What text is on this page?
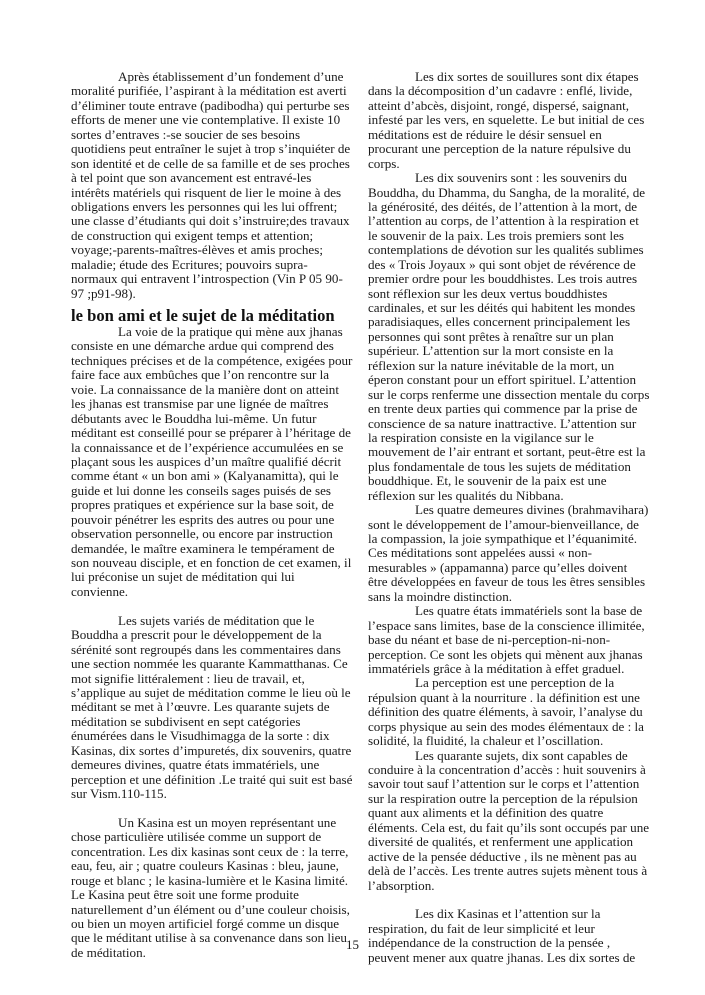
Après établissement d’un fondement d’une
moralité purifiée, l’aspirant à la méditation est averti
d’éliminer toute entrave (padibodha) qui perturbe ses
efforts de mener une vie contemplative. Il existe 10
sortes d’entraves :-se soucier de ses besoins
quotidiens peut entraîner le sujet à trop s’inquiéter de
son identité et de celle de sa famille et de ses proches
à tel point que son avancement est entravé-les
intérêts matériels qui risquent de lier le moine à des
obligations envers les personnes qui les lui offrent;
une classe d’étudiants qui doit s’instruire;des travaux
de construction qui exigent temps et attention;
voyage;-parents-maîtres-élèves et amis proches;
maladie; étude des Ecritures; pouvoirs supra-
normaux qui entravent l’introspection (Vin P 05 90-
97 ;p91-98).
le bon ami et le sujet de la méditation
La voie de la pratique qui mène aux jhanas
consiste en une démarche ardue qui comprend des
techniques précises et de la compétence, exigées pour
faire face aux embûches que l’on rencontre sur la
voie. La connaissance de la manière dont on atteint
les jhanas est transmise par une lignée de maîtres
débutants avec le Bouddha lui-même. Un futur
méditant est conseillé pour se préparer à l’héritage de
la connaissance et de l’expérience accumulées en se
plaçant sous les auspices d’un maître qualifié décrit
comme étant « un bon ami » (Kalyanamitta), qui le
guide et lui donne les conseils sages puisés de ses
propres pratiques et expérience sur la base soit, de
pouvoir pénétrer les esprits des autres ou pour une
observation personnelle, ou encore par instruction
demandée, le maître examinera le tempérament de
son nouveau disciple, et en fonction de cet examen, il
lui préconise un sujet de méditation qui lui
convienne.
Les sujets variés de méditation que le
Bouddha a prescrit pour le développement de la
sérénité sont regroupés dans les commentaires dans
une section nommée les quarante Kammatthanas. Ce
mot signifie littéralement : lieu de travail, et,
s’applique au sujet de méditation comme le lieu où le
méditant se met à l’œuvre. Les quarante sujets de
méditation se subdivisent en sept catégories
énumérées dans le Visudhimagga de la sorte : dix
Kasinas, dix sortes d’impuretés, dix souvenirs, quatre
demeures divines, quatre états immatériels, une
perception et une définition .Le traité qui suit est basé
sur Vism.110-115.
Un Kasina est un moyen représentant une
chose particulière utilisée comme un support de
concentration. Les dix kasinas sont ceux de : la terre,
eau, feu, air ; quatre couleurs Kasinas : bleu, jaune,
rouge et blanc ; le kasina-lumière et le Kasina limité.
Le Kasina peut être soit une forme produite
naturellement d’un élément ou d’une couleur choisis,
ou bien un moyen artificiel forgé comme un disque
que le méditant utilise à sa convenance dans son lieu
de méditation.
Les dix sortes de souillures sont dix étapes
dans la décomposition d’un cadavre : enflé, livide,
atteint d’abcès, disjoint, rongé, dispersé, saignant,
infesté par les vers, en squelette. Le but initial de ces
méditations est de réduire le désir sensuel en
procurant une perception de la nature répulsive du
corps.
Les dix souvenirs sont : les souvenirs du
Bouddha, du Dhamma, du Sangha, de la moralité, de
la générosité, des déités, de l’attention à la mort, de
l’attention au corps, de l’attention à la respiration et
le souvenir de la paix. Les trois premiers sont les
contemplations de dévotion sur les qualités sublimes
des « Trois Joyaux » qui sont objet de révérence de
premier ordre pour les bouddhistes. Les trois autres
sont réflexion sur les deux vertus bouddhistes
cardinales, et sur les déités qui habitent les mondes
paradisiaques, elles concernent principalement les
personnes qui sont prêtes à renaître sur un plan
supérieur. L’attention sur la mort consiste en la
réflexion sur la nature inévitable de la mort, un
éperon constant pour un effort spirituel. L’attention
sur le corps renferme une dissection mentale du corps
en trente deux parties qui commence par la prise de
conscience de sa nature inattractive. L’attention sur
la respiration consiste en la vigilance sur le
mouvement de l’air entrant et sortant, peut-être est la
plus fondamentale de tous les sujets de méditation
bouddhique. Et, le souvenir de la paix est une
réflexion sur les qualités du Nibbana.
Les quatre demeures divines (brahmavihara)
sont le développement de l’amour-bienveillance, de
la compassion, la joie sympathique et l’équanimité.
Ces méditations sont appelées aussi « non-
mesurables » (appamanna) parce qu’elles doivent
être développées en faveur de tous les êtres sensibles
sans la moindre distinction.
Les quatre états immatériels sont la base de
l’espace sans limites, base de la conscience illimitée,
base du néant et base de ni-perception-ni-non-
perception. Ce sont les objets qui mènent aux jhanas
immatériels grâce à la méditation à effet graduel.
La perception est une perception de la
répulsion quant à la nourriture . la définition est une
définition des quatre éléments, à savoir, l’analyse du
corps physique au sein des modes élémentaux de : la
solidité, la fluidité, la chaleur et l’oscillation.
Les quarante sujets, dix sont capables de
conduire à la concentration d’accès : huit souvenirs à
savoir tout sauf l’attention sur le corps et l’attention
sur la respiration outre la perception de la répulsion
quant aux aliments et la définition des quatre
éléments. Cela est, du fait qu’ils sont occupés par une
diversité de qualités, et renferment une application
active de la pensée déductive , ils ne mènent pas au
delà de l’accès. Les trente autres sujets mènent tous à
l’absorption.
Les dix Kasinas et l’attention sur la
respiration, du fait de leur simplicité et leur
indépendance de la construction de la pensée ,
peuvent mener aux quatre jhanas. Les dix sortes de
15
